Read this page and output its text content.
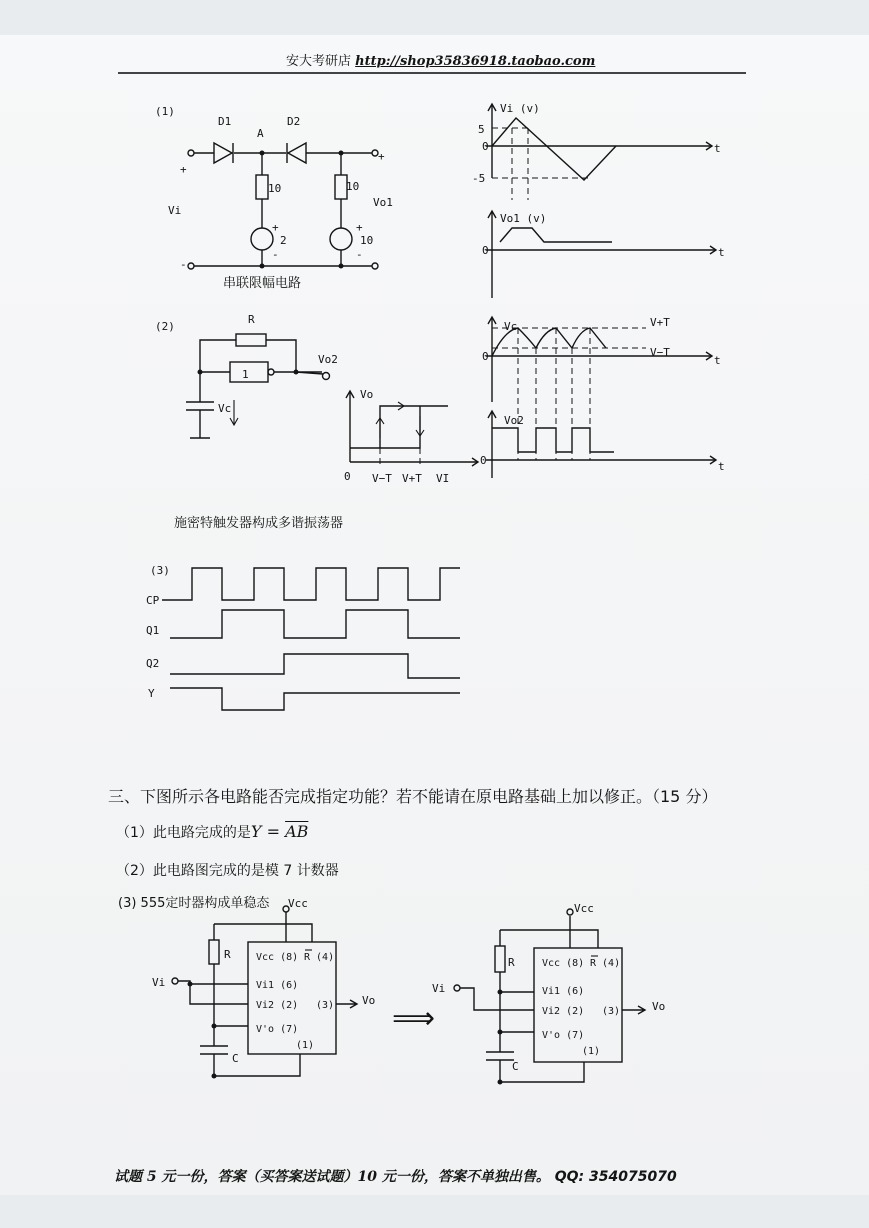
安大考研店 http://shop35836918.taobao.com
(1)
D1	D2
A
+
+
-
Vi
Vo1
10	10
+
2
-
+
10
-
Vi (v)
5
-5
0	t
Vo1 (v)
0	t
(2)
R
Vo2
Vc
1
Vo
0 V−T V+T VI
Vc	V+T
V−T
0	t
Vo2
0	t
(3)
CP
Q1
Q2
Y
Vcc
R
C
Vi
Vo
Vcc (8) R (4)
Vi1 (6)
Vi2 (2) (3)
V'o (7)
(1)
⟹
Vcc
R
C
Vi
Vo
Vcc (8) R (4)
Vi1 (6)
Vi2 (2) (3)
V'o (7)
(1)
串联限幅电路
施密特触发器构成多谐振荡器
三、下图所示各电路能否完成指定功能？若不能请在原电路基础上加以修正。（15 分）
（1）此电路完成的是$Y = \overline{AB}$
（2）此电路图完成的是模 7 计数器
(3) 555定时器构成单稳态
试题 5 元一份，答案（买答案送试题）10 元一份，答案不单独出售。 QQ: 354075070
